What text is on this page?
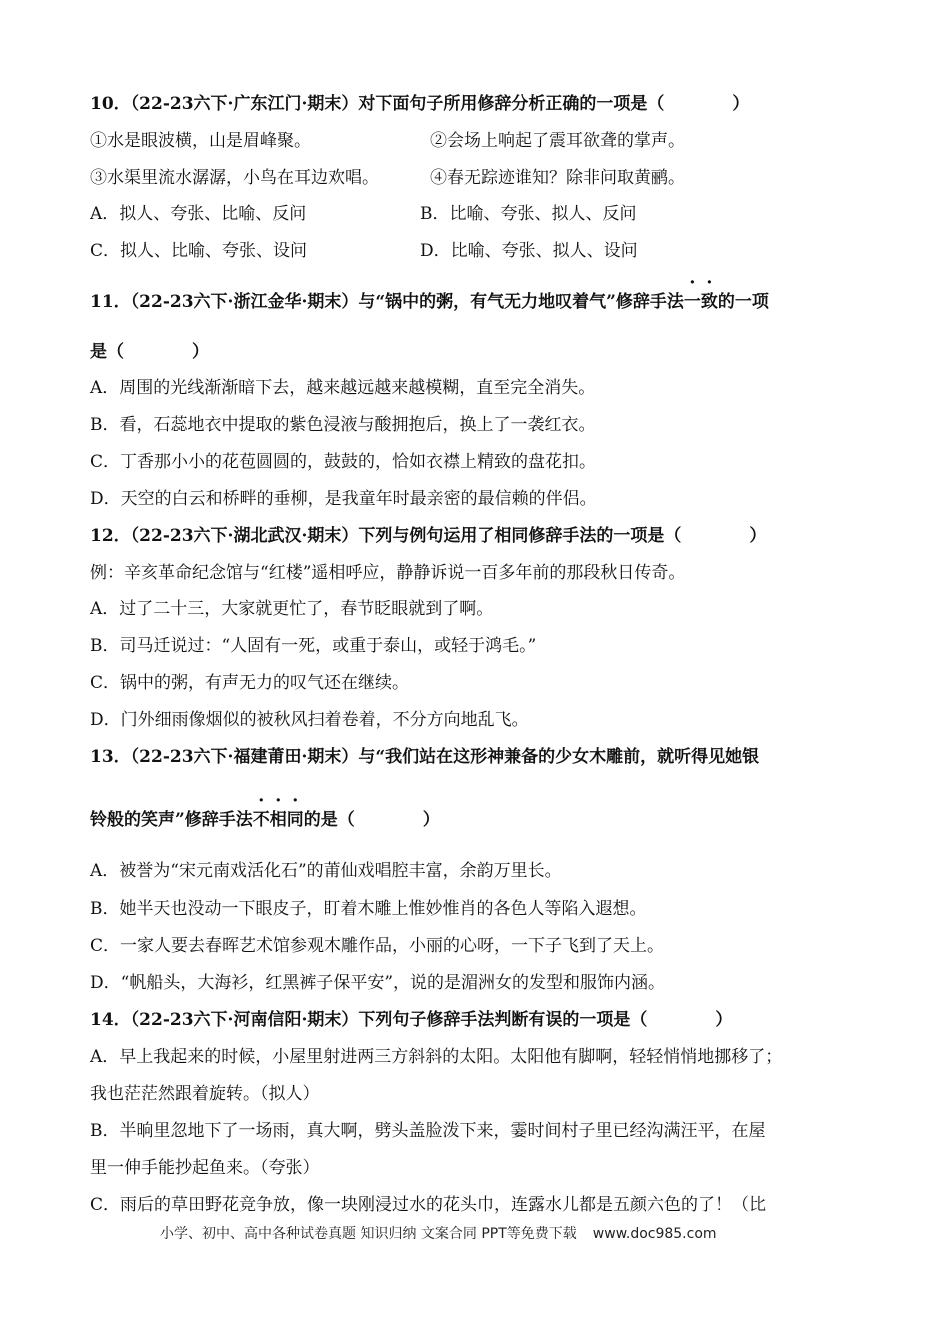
10．（22-23六下·广东江门·期末）对下面句子所用修辞分析正确的一项是（　　　　）
①水是眼波横，山是眉峰聚。	②会场上响起了震耳欲聋的掌声。
③水渠里流水潺潺，小鸟在耳边欢唱。	④春无踪迹谁知？除非问取黄鹂。
A．拟人、夸张、比喻、反问	B．比喻、夸张、拟人、反问
C．拟人、比喻、夸张、设问	D．比喻、夸张、拟人、设问
11．（22-23六下·浙江金华·期末）与“锅中的粥，有气无力地叹着气”修辞手法一致的一项
是（　　　　）
A．周围的光线渐渐暗下去，越来越远越来越模糊，直至完全消失。
B．看，石蕊地衣中提取的紫色浸液与酸拥抱后，换上了一袭红衣。
C．丁香那小小的花苞圆圆的，鼓鼓的，恰如衣襟上精致的盘花扣。
D．天空的白云和桥畔的垂柳，是我童年时最亲密的最信赖的伴侣。
12．（22-23六下·湖北武汉·期末）下列与例句运用了相同修辞手法的一项是（　　　　）
例：辛亥革命纪念馆与“红楼”遥相呼应，静静诉说一百多年前的那段秋日传奇。
A．过了二十三，大家就更忙了，春节眨眼就到了啊。
B．司马迁说过：“人固有一死，或重于泰山，或轻于鸿毛。”
C．锅中的粥，有声无力的叹气还在继续。
D．门外细雨像烟似的被秋风扫着卷着，不分方向地乱飞。
13．（22-23六下·福建莆田·期末）与“我们站在这形神兼备的少女木雕前，就听得见她银
铃般的笑声”修辞手法不相同的是（　　　　）
A．被誉为“宋元南戏活化石”的莆仙戏唱腔丰富，余韵万里长。
B．她半天也没动一下眼皮子，盯着木雕上惟妙惟肖的各色人等陷入遐想。
C．一家人要去春晖艺术馆参观木雕作品，小丽的心呀，一下子飞到了天上。
D．“帆船头，大海衫，红黑裤子保平安”，说的是湄洲女的发型和服饰内涵。
14．（22-23六下·河南信阳·期末）下列句子修辞手法判断有误的一项是（　　　　）
A．早上我起来的时候，小屋里射进两三方斜斜的太阳。太阳他有脚啊，轻轻悄悄地挪移了；
我也茫茫然跟着旋转。（拟人）
B．半晌里忽地下了一场雨，真大啊，劈头盖脸泼下来，霎时间村子里已经沟满汪平，在屋
里一伸手能抄起鱼来。（夸张）
C．雨后的草田野花竞争放，像一块刚浸过水的花头巾，连露水儿都是五颜六色的了！（比
小学、初中、高中各种试卷真题 知识归纳 文案合同 PPT等免费下载 www.doc985.com
